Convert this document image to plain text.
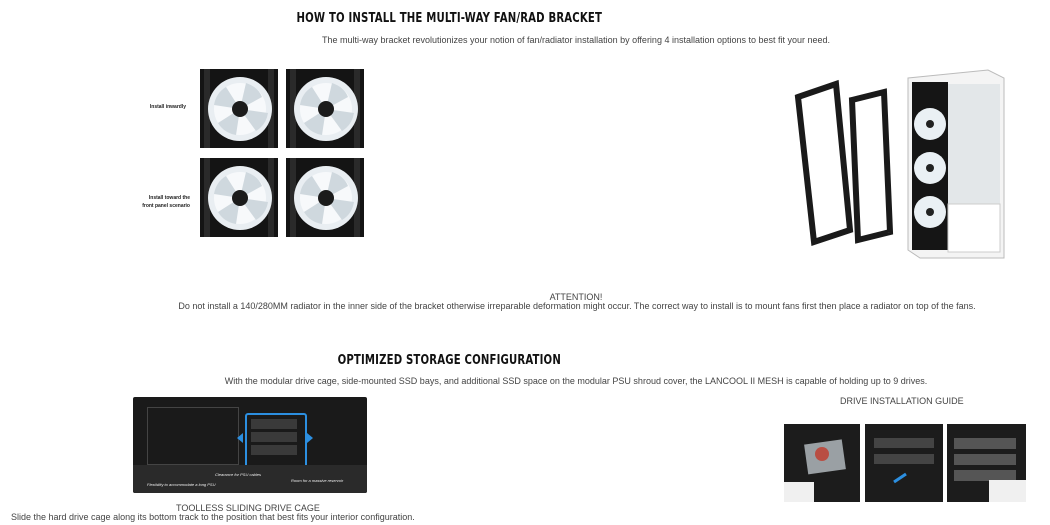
HOW TO INSTALL THE MULTI-WAY FAN/RAD BRACKET
The multi-way bracket revolutionizes your notion of fan/radiator installation by offering 4 installation options to best fit your need.
Install inwardly
Install toward the
front panel scenario
ATTENTION!
Do not install a 140/280MM radiator in the inner side of the bracket otherwise irreparable deformation might occur. The correct way to install is to mount fans first then place a radiator on top of the fans.
OPTIMIZED STORAGE CONFIGURATION
With the modular drive cage, side-mounted SSD bays, and additional SSD space on the modular PSU shroud cover, the LANCOOL II MESH is capable of holding up to 9 drives.
DRIVE INSTALLATION GUIDE
Clearance for PSU cables
Flexibility to accommodate a long PSU
Room for a massive reservoir
TOOLLESS SLIDING DRIVE CAGE
Slide the hard drive cage along its bottom track to the position that best fits your interior configuration.
